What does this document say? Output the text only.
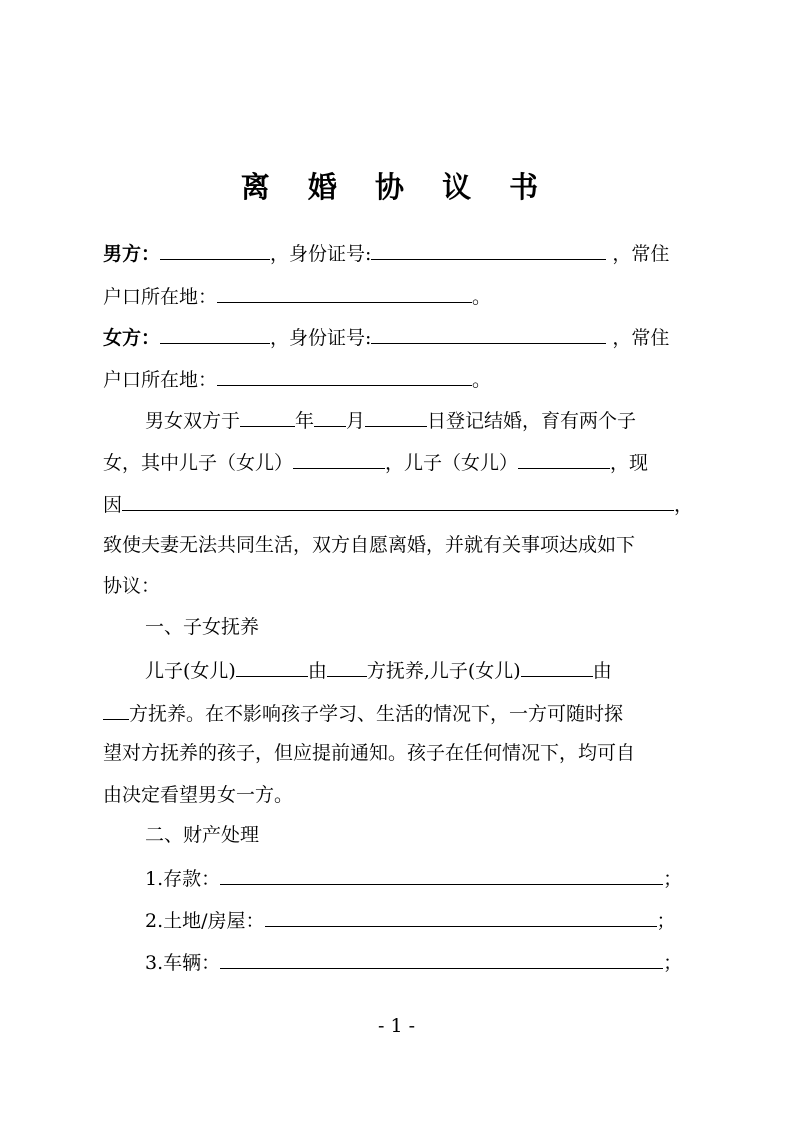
离 婚 协 议 书
男方：	，身份证号:	，常住
户口所在地：	。
女方：	，身份证号:	，常住
户口所在地：	。
男女双方于	年 月	日登记结婚，育有两个子
女，其中儿子（女儿）	，儿子（女儿）	，现
因	，
致使夫妻无法共同生活，双方自愿离婚，并就有关事项达成如下
协议：
一、子女抚养
儿子(女儿)	由 方抚养,儿子(女儿)	由
方抚养。在不影响孩子学习、生活的情况下，一方可随时探
望对方抚养的孩子，但应提前通知。孩子在任何情况下，均可自
由决定看望男女一方。
二、财产处理
1.存款：	；
2.土地/房屋：	；
3.车辆：	；
- 1 -
